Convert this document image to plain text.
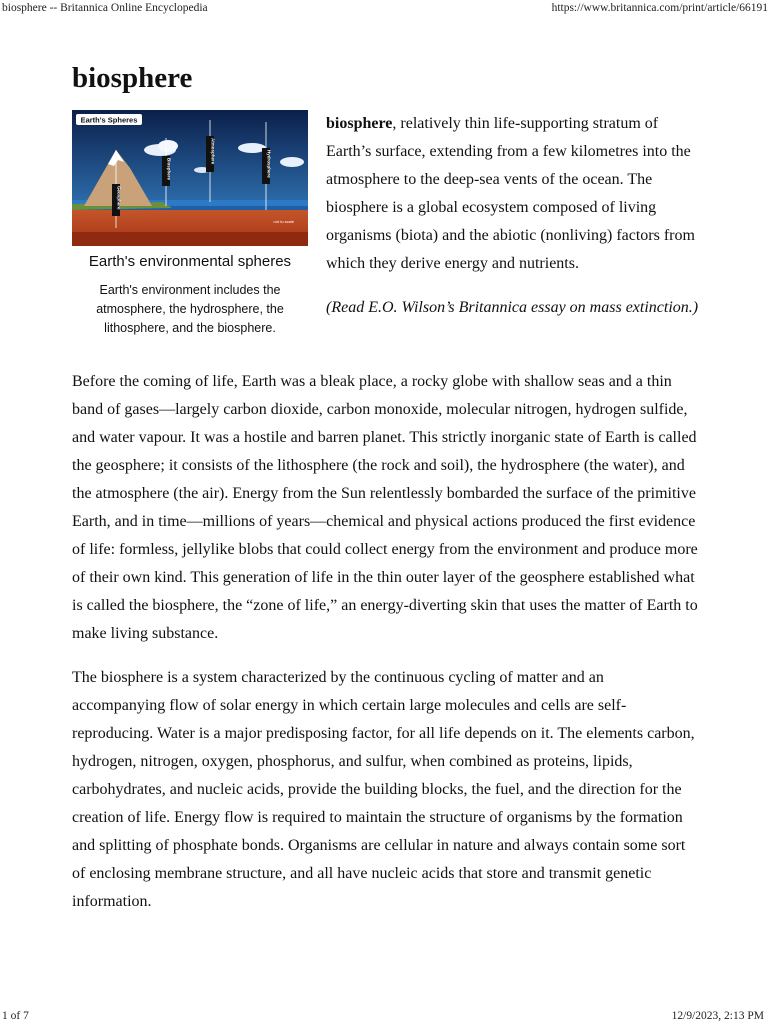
biosphere -- Britannica Online Encyclopedia	https://www.britannica.com/print/article/66191
biosphere
Earth's Spheres
Biosphere
Atmosphere	Hydrosphere
Geosphere
not to scale
Earth's environmental spheres
Earth's environment includes the atmosphere, the hydrosphere, the lithosphere, and the biosphere.

biosphere, relatively thin life-supporting stratum of Earth’s surface, extending from a few kilometres into the atmosphere to the deep-sea vents of the ocean. The biosphere is a global ecosystem composed of living organisms (biota) and the abiotic (nonliving) factors from which they derive energy and nutrients.

(Read E.O. Wilson’s Britannica essay on mass extinction.)

Before the coming of life, Earth was a bleak place, a rocky globe with shallow seas and a thin band of gases—largely carbon dioxide, carbon monoxide, molecular nitrogen, hydrogen sulfide, and water vapour. It was a hostile and barren planet. This strictly inorganic state of Earth is called the geosphere; it consists of the lithosphere (the rock and soil), the hydrosphere (the water), and the atmosphere (the air). Energy from the Sun relentlessly bombarded the surface of the primitive Earth, and in time—millions of years—chemical and physical actions produced the first evidence of life: formless, jellylike blobs that could collect energy from the environment and produce more of their own kind. This generation of life in the thin outer layer of the geosphere established what is called the biosphere, the “zone of life,” an energy-diverting skin that uses the matter of Earth to make living substance.

The biosphere is a system characterized by the continuous cycling of matter and an accompanying flow of solar energy in which certain large molecules and cells are self-reproducing. Water is a major predisposing factor, for all life depends on it. The elements carbon, hydrogen, nitrogen, oxygen, phosphorus, and sulfur, when combined as proteins, lipids, carbohydrates, and nucleic acids, provide the building blocks, the fuel, and the direction for the creation of life. Energy flow is required to maintain the structure of organisms by the formation and splitting of phosphate bonds. Organisms are cellular in nature and always contain some sort of enclosing membrane structure, and all have nucleic acids that store and transmit genetic information.

1 of 7	12/9/2023, 2:13 PM
